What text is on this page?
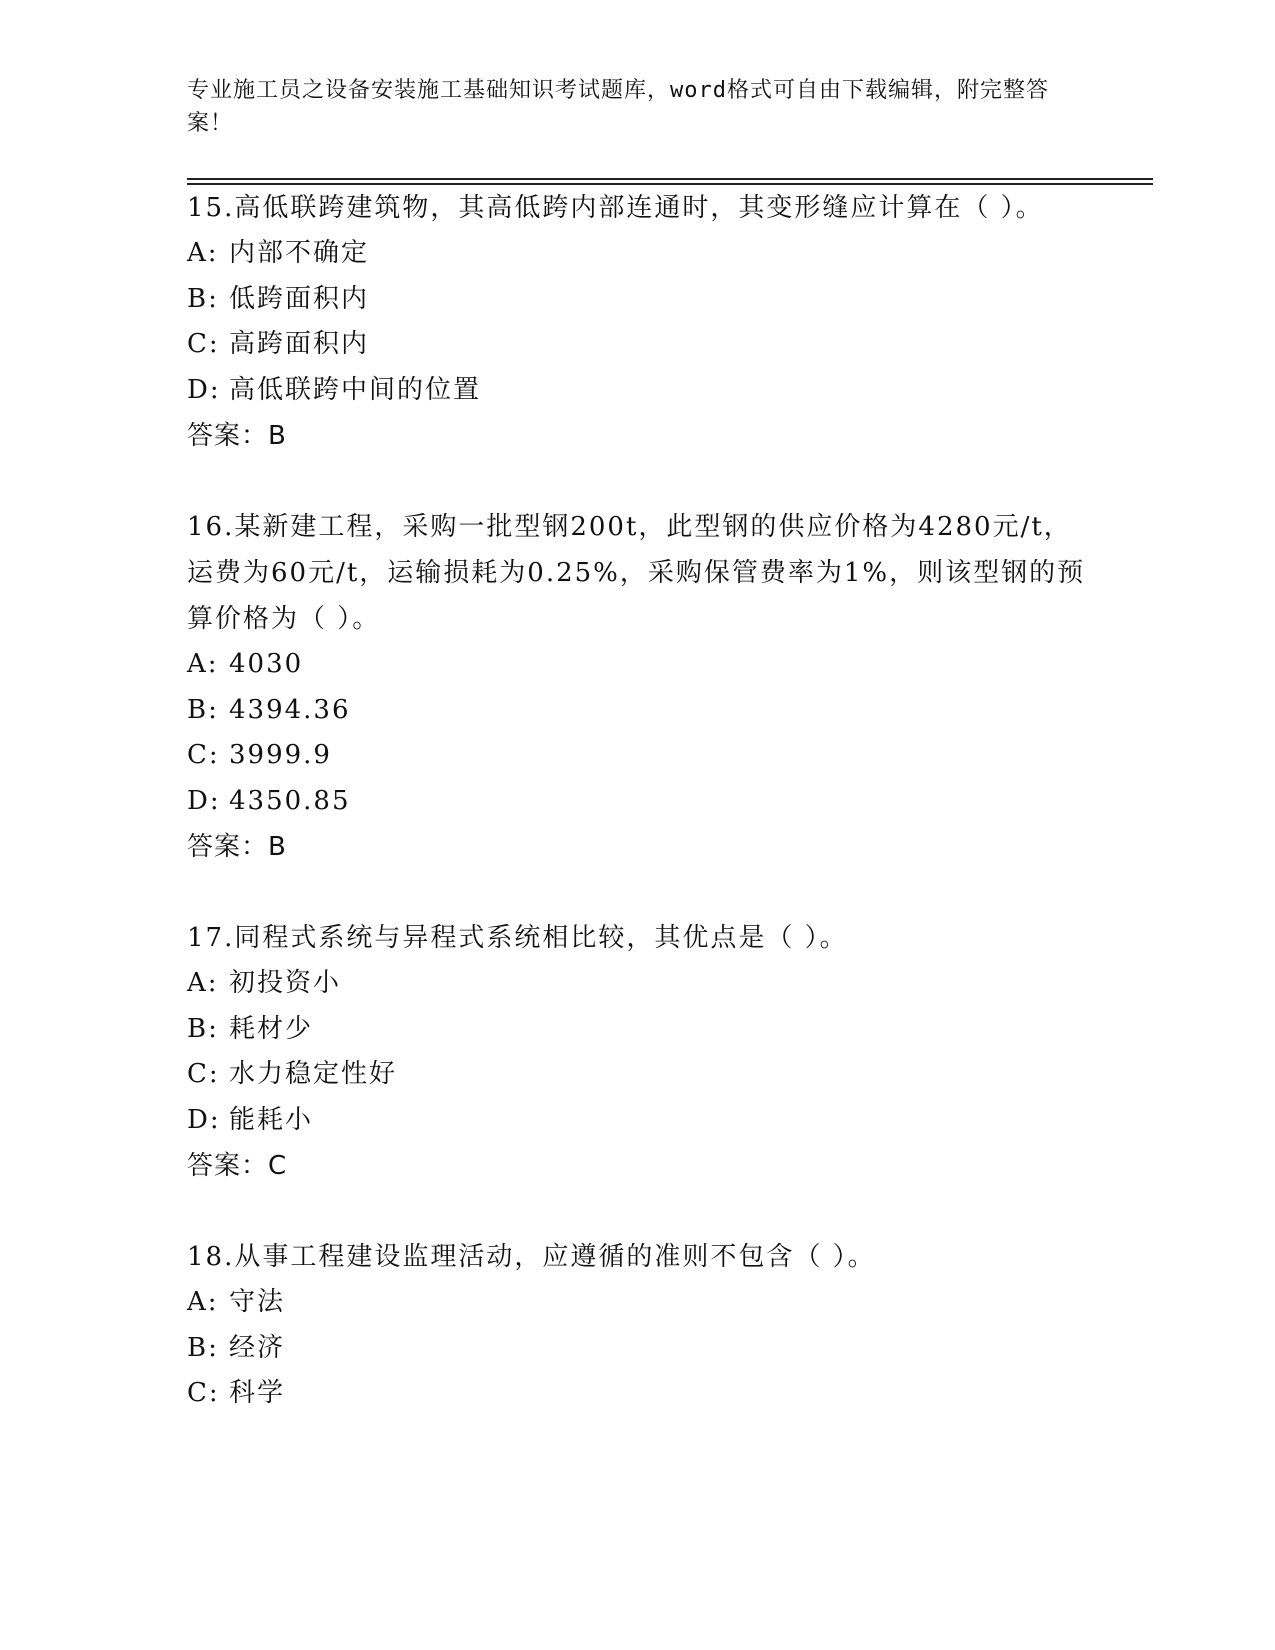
专业施工员之设备安装施工基础知识考试题库，word格式可自由下载编辑，附完整答案！
15.高低联跨建筑物，其高低跨内部连通时，其变形缝应计算在（ ）。
A: 内部不确定
B: 低跨面积内
C: 高跨面积内
D: 高低联跨中间的位置
答案：B
16.某新建工程，采购一批型钢200t，此型钢的供应价格为4280元/t，运费为60元/t，运输损耗为0.25%，采购保管费率为1%，则该型钢的预算价格为（ ）。
A: 4030
B: 4394.36
C: 3999.9
D: 4350.85
答案：B
17.同程式系统与异程式系统相比较，其优点是（ ）。
A: 初投资小
B: 耗材少
C: 水力稳定性好
D: 能耗小
答案：C
18.从事工程建设监理活动，应遵循的准则不包含（ ）。
A: 守法
B: 经济
C: 科学
